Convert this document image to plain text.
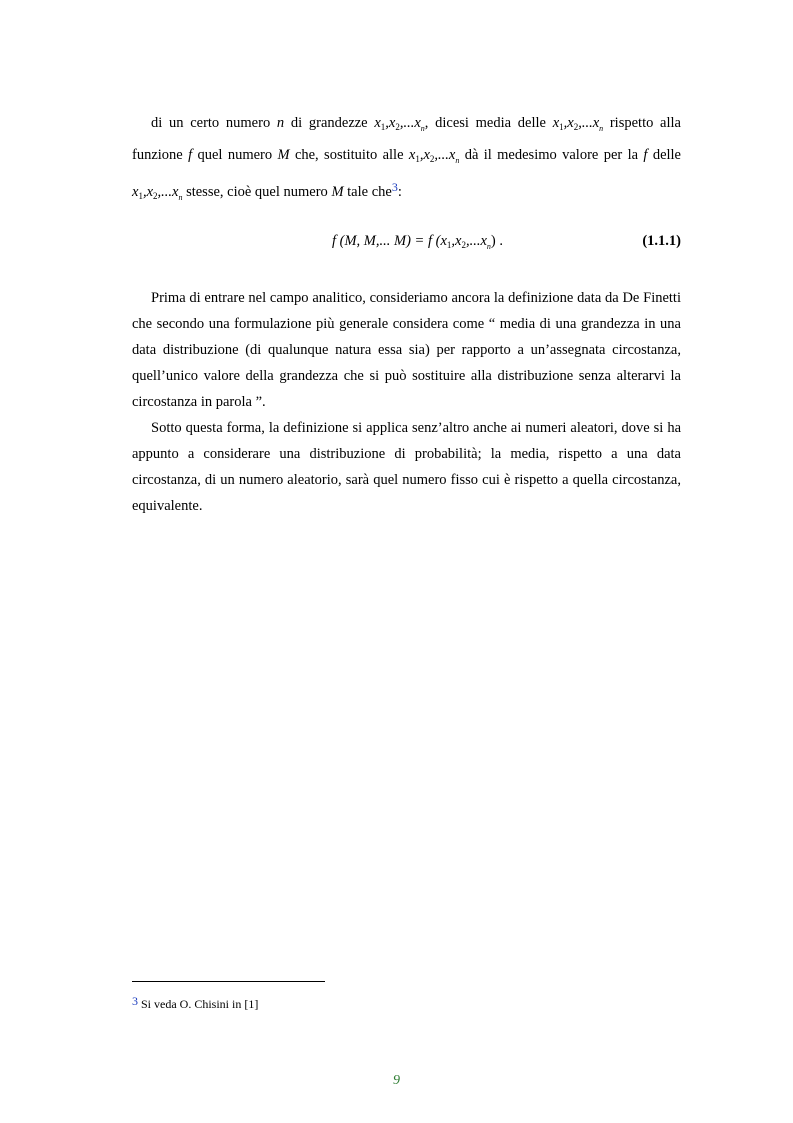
di un certo numero n di grandezze $x_1,x_2,...x_n$, dicesi media delle $x_1,x_2,...x_n$ rispetto alla funzione f quel numero M che, sostituito alle $x_1,x_2,...x_n$ dà il medesimo valore per la f delle $x_1,x_2,...x_n$ stesse, cioè quel numero M tale che$^3$:

f (M, M,... M) = f $(x_1,x_2,...x_n)$ .	(1.1.1)

Prima di entrare nel campo analitico, consideriamo ancora la definizione data da De Finetti che secondo una formulazione più generale considera come “ media di una grandezza in una data distribuzione (di qualunque natura essa sia) per rapporto a un’assegnata circostanza, quell’unico valore della grandezza che si può sostituire alla distribuzione senza alterarvi la circostanza in parola ”.

Sotto questa forma, la definizione si applica senz’altro anche ai numeri aleatori, dove si ha appunto a considerare una distribuzione di probabilità; la media, rispetto a una data circostanza, di un numero aleatorio, sarà quel numero fisso cui è rispetto a quella circostanza, equivalente.

3 Si veda O. Chisini in [1]
9
